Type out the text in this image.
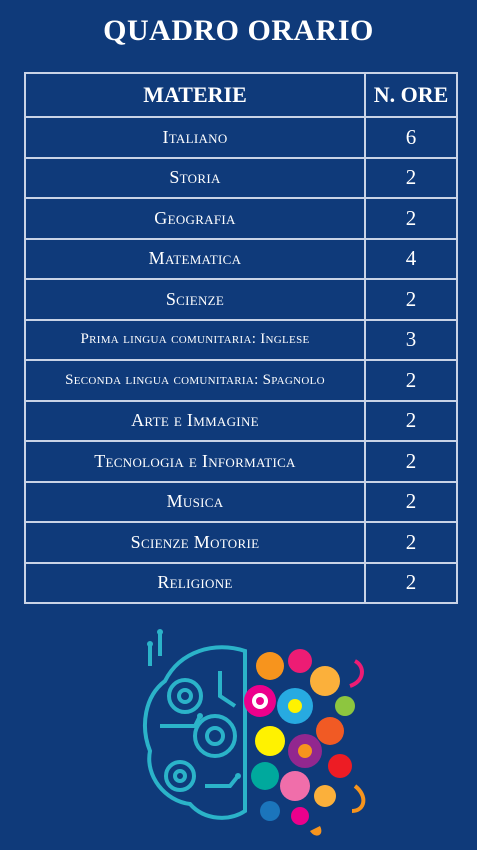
QUADRO ORARIO
MATERIE	N. ORE
Italiano	6
Storia	2
Geografia	2
Matematica	4
Scienze	2
Prima lingua comunitaria: Inglese	3
Seconda lingua comunitaria: Spagnolo	2
Arte e Immagine	2
Tecnologia e Informatica	2
Musica	2
Scienze Motorie	2
Religione	2
